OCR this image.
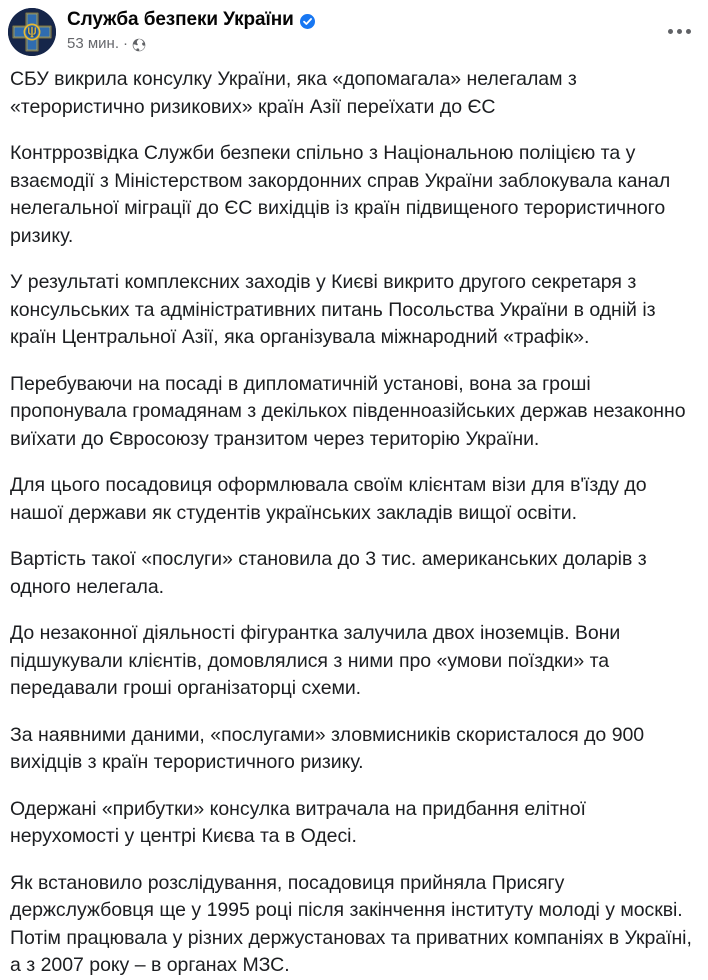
Служба безпеки України
53 мин. ·

СБУ викрила консулку України, яка «допомагала» нелегалам з «терористично ризикових» країн Азії переїхати до ЄС

Контррозвідка Служби безпеки спільно з Національною поліцією та у взаємодії з Міністерством закордонних справ України заблокувала канал нелегальної міграції до ЄС вихідців із країн підвищеного терористичного ризику.

У результаті комплексних заходів у Києві викрито другого секретаря з консульських та адміністративних питань Посольства України в одній із країн Центральної Азії, яка організувала міжнародний «трафік».

Перебуваючи на посаді в дипломатичній установі, вона за гроші пропонувала громадянам з декількох південноазійських держав незаконно виїхати до Євросоюзу транзитом через територію України.

Для цього посадовиця оформлювала своїм клієнтам візи для в'їзду до нашої держави як студентів українських закладів вищої освіти.

Вартість такої «послуги» становила до 3 тис. американських доларів з одного нелегала.

До незаконної діяльності фігурантка залучила двох іноземців. Вони підшукували клієнтів, домовлялися з ними про «умови поїздки» та передавали гроші організаторці схеми.

За наявними даними, «послугами» зловмисників скористалося до 900 вихідців з країн терористичного ризику.

Одержані «прибутки» консулка витрачала на придбання елітної нерухомості у центрі Києва та в Одесі.

Як встановило розслідування, посадовиця прийняла Присягу держслужбовця ще у 1995 році після закінчення інституту молоді у москві. Потім працювала у різних держустановах та приватних компаніях в Україні, а з 2007 року – в органах МЗС.
